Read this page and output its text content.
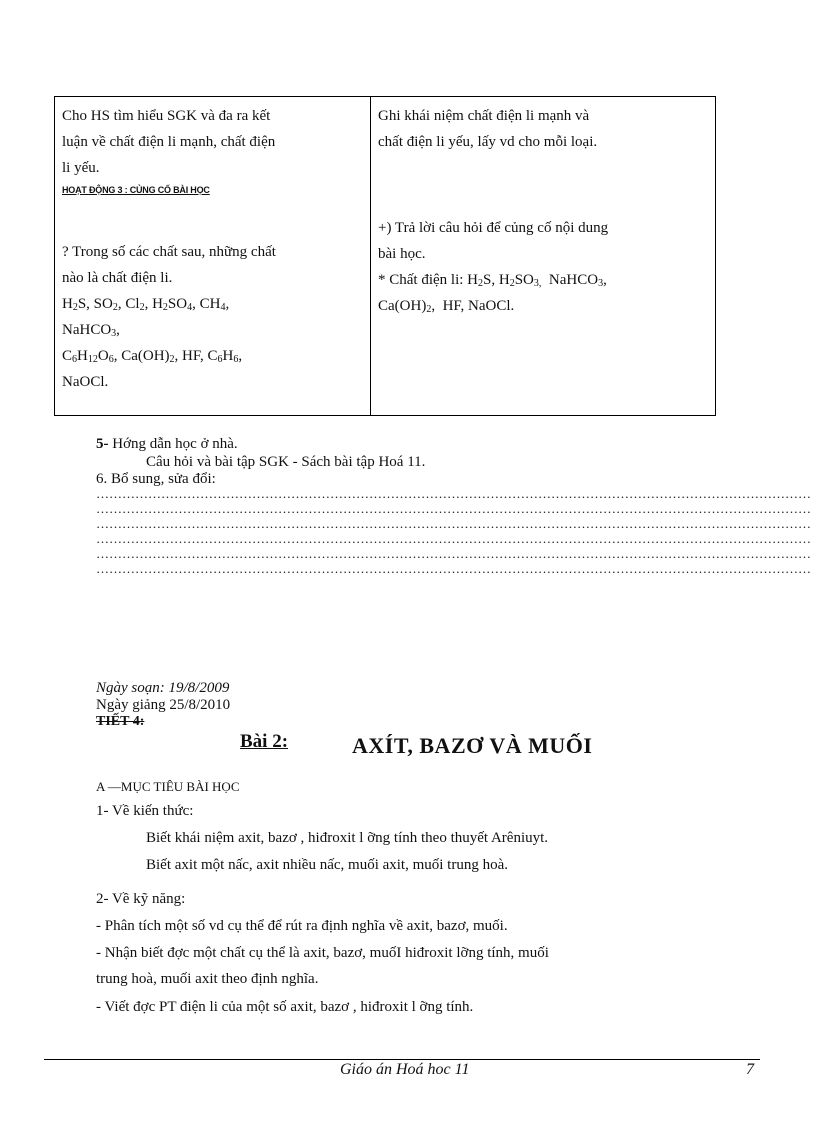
Cho HS tìm hiểu SGK và đa ra kết
luận về chất điện li mạnh, chất điện
li yếu.
HOẠT ĐỘNG 3 : CỦNG CỐ BÀI HỌC
? Trong số các chất sau, những chất
nào là chất điện li.
$H_2S$, $SO_2$, $Cl_2$, $H_2SO_4$, $CH_4$,
NaHCO$_3$,
$C_6H_{12}O_6$, $Ca(OH)_2$, HF, $C_6H_6$,
NaOCl.
Ghi khái niệm chất điện li mạnh và
chất điện li yếu, lấy vd cho mỗi loại.
+) Trả lời câu hỏi để củng cố nội dung
bài học.
* Chất điện li: $H_2S$, $H_2SO_{3,}$  NaHCO$_3$,
$Ca(OH)_2$,  HF, NaOCl.
5- Hớng dẫn học ở nhà.
Câu hỏi và bài tập SGK - Sách bài tập Hoá 11.
6. Bổ sung, sửa đổi:
…………………………………………………………………………………………………………………………………………………
…………………………………………………………………………………………………………………………………………………
…………………………………………………………………………………………………………………………………………………
…………………………………………………………………………………………………………………………………………………
…………………………………………………………………………………………………………………………………………………
…………………………………………………………………………………………………………………………………………………
Ngày soạn: 19/8/2009
Ngày giảng 25/8/2010
TIẾT 4:
Bài 2:	AXÍT, BAZƠ VÀ MUỐI
A —MỤC TIÊU BÀI HỌC
1- Về kiến thức:
Biết khái niệm axit, bazơ , hiđroxit l ỡng tính theo thuyết Arêniuyt.
Biết axit một nấc, axit nhiều nấc, muối axit, muối trung hoà.
2- Về kỹ năng:
- Phân tích một số vd cụ thể để rút ra định nghĩa về axit, bazơ, muối.
- Nhận biết đợc một chất cụ thể là axit, bazơ, muốI hiđroxit lỡng tính, muối
trung hoà, muối axit theo định nghĩa.
- Viết đợc PT điện li của một số axit, bazơ , hiđroxit l ỡng tính.
Giáo án Hoá hoc 11	7
